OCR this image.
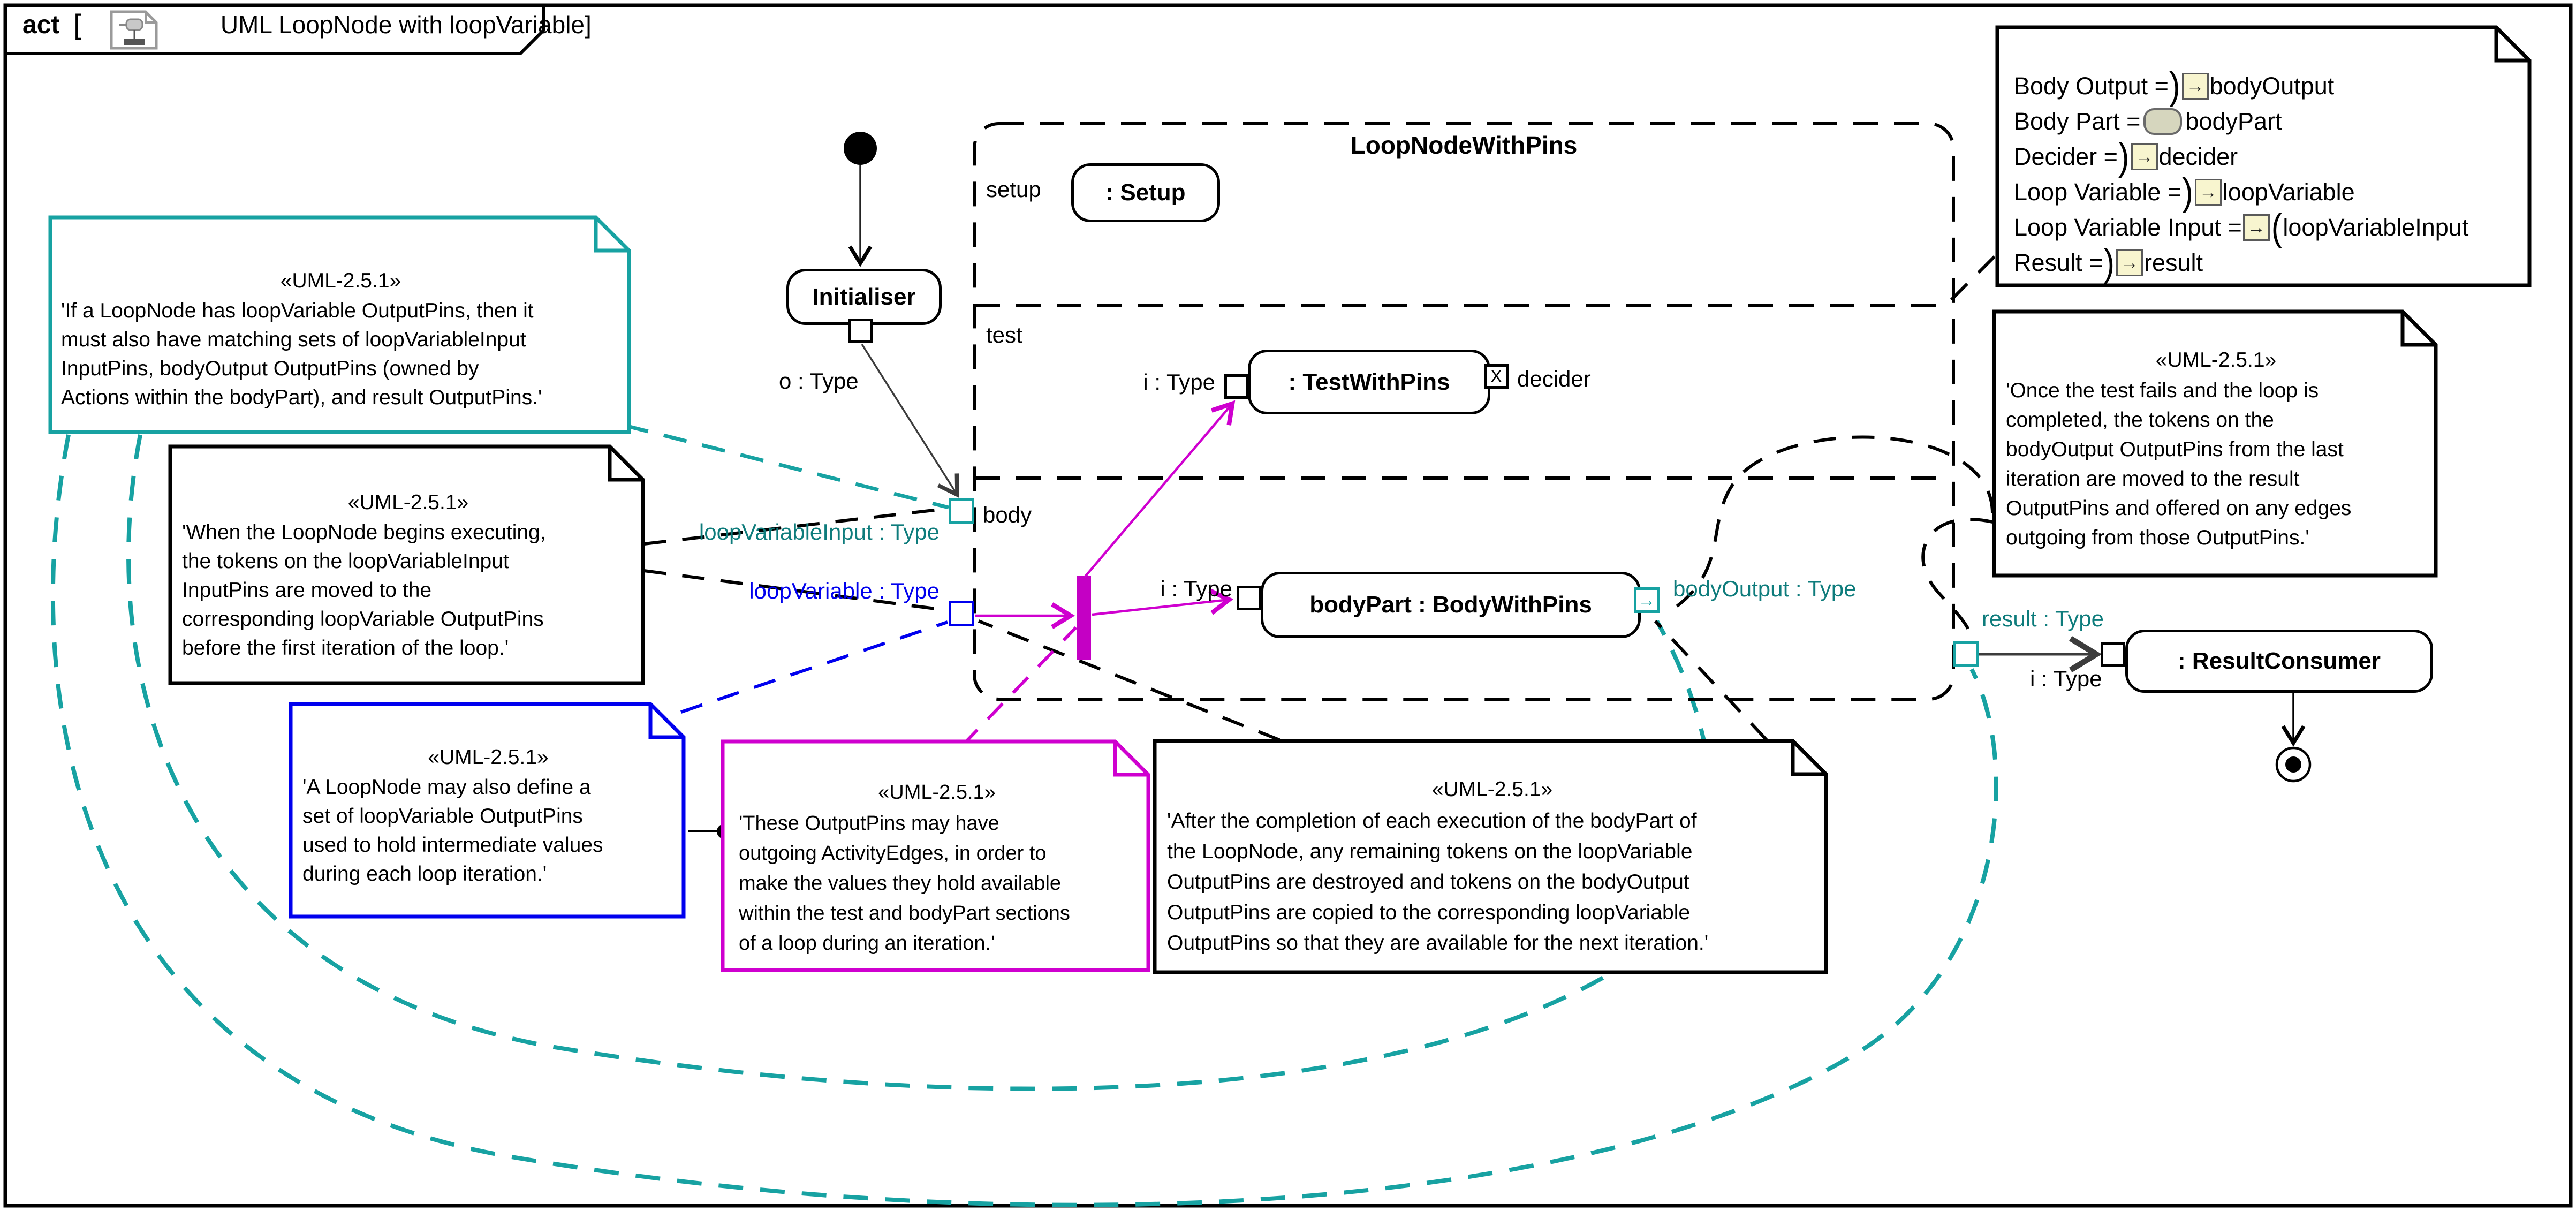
act [	UML LoopNode with loopVariable]
LoopNodeWithPins
setup
test
Initialiser
: Setup
: TestWithPins
bodyPart : BodyWithPins
: ResultConsumer
X
→
o : Type
body
i : Type	decider
i : Type	bodyOutput : Type
loopVariableInput : Type
loopVariable : Type
result : Type
i : Type
«UML-2.5.1»
'If a LoopNode has loopVariable OutputPins, then it
must also have matching sets of loopVariableInput
InputPins, bodyOutput OutputPins (owned by
Actions within the bodyPart), and result OutputPins.'
«UML-2.5.1»
'When the LoopNode begins executing,
the tokens on the loopVariableInput
InputPins are moved to the
corresponding loopVariable OutputPins
before the first iteration of the loop.'
«UML-2.5.1»
'A LoopNode may also define a
set of loopVariable OutputPins
used to hold intermediate values
during each loop iteration.'
«UML-2.5.1»
'These OutputPins may have
outgoing ActivityEdges, in order to
make the values they hold available
within the test and bodyPart sections
of a loop during an iteration.'
«UML-2.5.1»
'After the completion of each execution of the bodyPart of
the LoopNode, any remaining tokens on the loopVariable
OutputPins are destroyed and tokens on the bodyOutput
OutputPins are copied to the corresponding loopVariable
OutputPins so that they are available for the next iteration.'
«UML-2.5.1»
'Once the test fails and the loop is
completed, the tokens on the
bodyOutput OutputPins from the last
iteration are moved to the result
OutputPins and offered on any edges
outgoing from those OutputPins.'
Body Output = ) → bodyOutput
Body Part = bodyPart
Decider = ) → decider
Loop Variable = ) → loopVariable
Loop Variable Input = → ( loopVariableInput
Result = ) → result
